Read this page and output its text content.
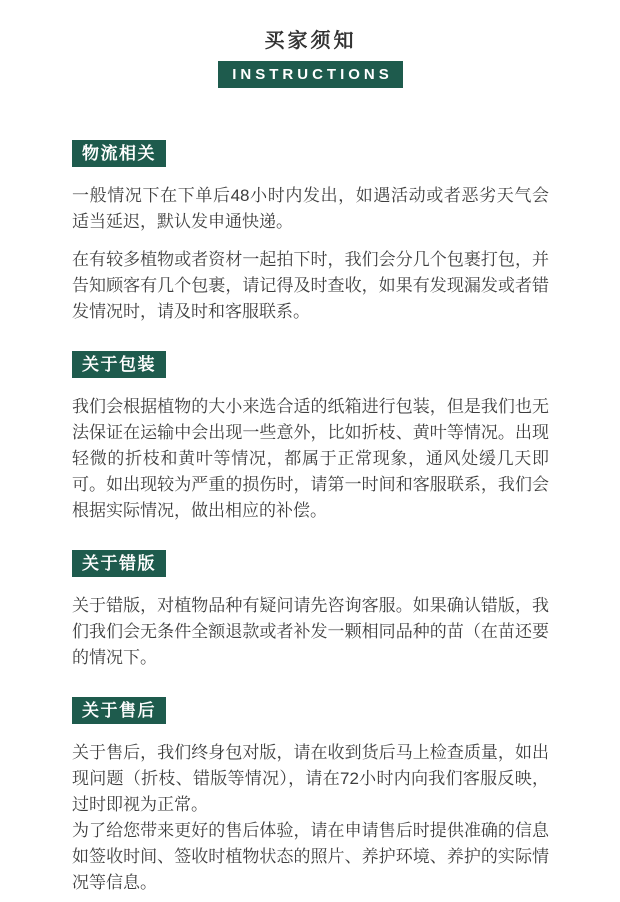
买家须知
INSTRUCTIONS
物流相关

一般情况下在下单后48小时内发出，如遇活动或者恶劣天气会适当延迟，默认发申通快递。

在有较多植物或者资材一起拍下时，我们会分几个包裹打包，并告知顾客有几个包裹，请记得及时查收，如果有发现漏发或者错发情况时，请及时和客服联系。

关于包装

我们会根据植物的大小来选合适的纸箱进行包装，但是我们也无法保证在运输中会出现一些意外，比如折枝、黄叶等情况。出现轻微的折枝和黄叶等情况，都属于正常现象，通风处缓几天即可。如出现较为严重的损伤时，请第一时间和客服联系，我们会根据实际情况，做出相应的补偿。

关于错版

关于错版，对植物品种有疑问请先咨询客服。如果确认错版，我们我们会无条件全额退款或者补发一颗相同品种的苗（在苗还要的情况下。

关于售后

关于售后，我们终身包对版，请在收到货后马上检查质量，如出现问题（折枝、错版等情况），请在72小时内向我们客服反映，过时即视为正常。

为了给您带来更好的售后体验，请在申请售后时提供准确的信息如签收时间、签收时植物状态的照片、养护环境、养护的实际情况等信息。
